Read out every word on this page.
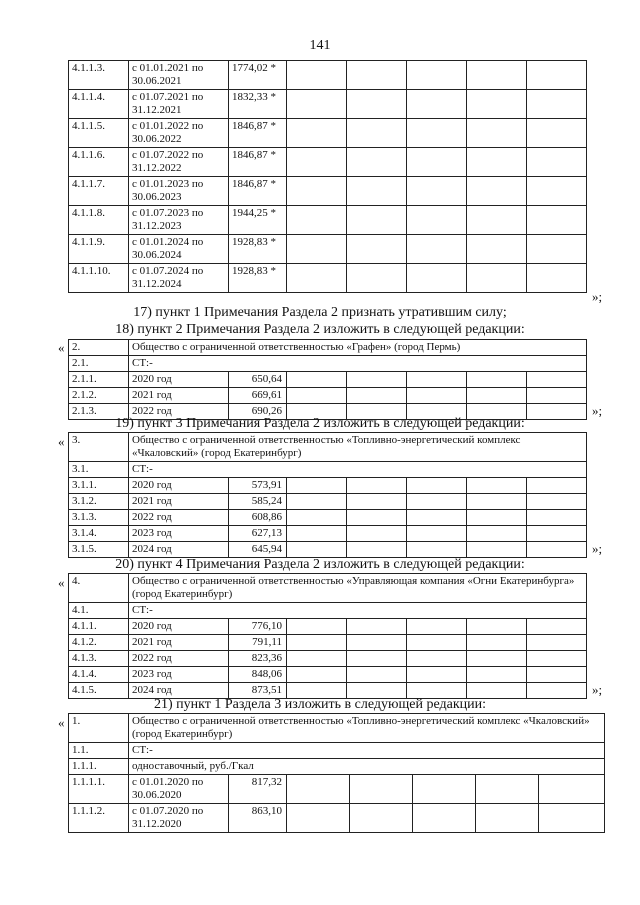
141
4.1.1.3.	с 01.01.2021 по 30.06.2021	1774,02 *					
4.1.1.4.	с 01.07.2021 по 31.12.2021	1832,33 *					
4.1.1.5.	с 01.01.2022 по 30.06.2022	1846,87 *					
4.1.1.6.	с 01.07.2022 по 31.12.2022	1846,87 *					
4.1.1.7.	с 01.01.2023 по 30.06.2023	1846,87 *					
4.1.1.8.	с 01.07.2023 по 31.12.2023	1944,25 *					
4.1.1.9.	с 01.01.2024 по 30.06.2024	1928,83 *					
4.1.1.10.	с 01.07.2024 по 31.12.2024	1928,83 *					
»;
17) пункт 1 Примечания Раздела 2 признать утратившим силу;
18) пункт 2 Примечания Раздела 2 изложить в следующей редакции:
« 2.	Общество с ограниченной ответственностью «Графен» (город Пермь)						
2.1.	СТ:-						
2.1.1.	2020 год	650,64					
2.1.2.	2021 год	669,61					
2.1.3.	2022 год	690,26						»;
19) пункт 3 Примечания Раздела 2 изложить в следующей редакции:
« 3.	Общество с ограниченной ответственностью «Топливно-энергетический комплекс «Чкаловский» (город Екатеринбург)						
3.1.	СТ:-						
3.1.1.	2020 год	573,91					
3.1.2.	2021 год	585,24					
3.1.3.	2022 год	608,86					
3.1.4.	2023 год	627,13					
3.1.5.	2024 год	645,94						»;
20) пункт 4 Примечания Раздела 2 изложить в следующей редакции:
« 4.	Общество с ограниченной ответственностью «Управляющая компания «Огни Екатеринбурга» (город Екатеринбург)						
4.1.	СТ:-						
4.1.1.	2020 год	776,10					
4.1.2.	2021 год	791,11					
4.1.3.	2022 год	823,36					
4.1.4.	2023 год	848,06					
4.1.5.	2024 год	873,51						»;
21) пункт 1 Раздела 3 изложить в следующей редакции:
« 1.	Общество с ограниченной ответственностью «Топливно-энергетический комплекс «Чкаловский» (город Екатеринбург)						
1.1.	СТ:-						
1.1.1.	одноставочный, руб./Гкал						
1.1.1.1.	с 01.01.2020 по 30.06.2020	817,32					
1.1.1.2.	с 01.07.2020 по 31.12.2020	863,10					
